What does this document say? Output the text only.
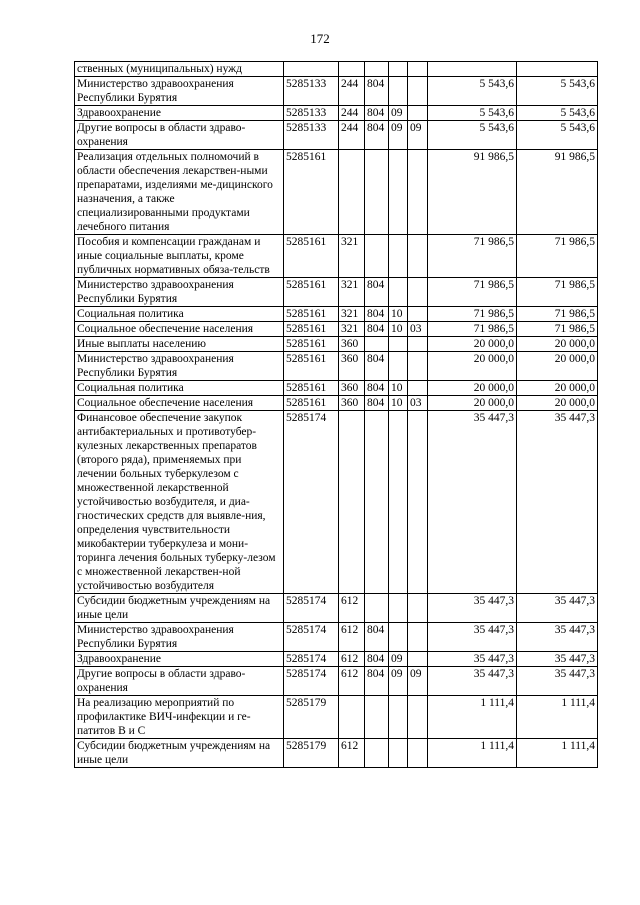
172
ственных (муниципальных) нужд							
Министерство здравоохранения Республики Бурятия	5285133	244	804			5 543,6	5 543,6
Здравоохранение	5285133	244	804	09		5 543,6	5 543,6
Другие вопросы в области здраво-охранения	5285133	244	804	09	09	5 543,6	5 543,6
Реализация отдельных полномочий в области обеспечения лекарствен-ными препаратами, изделиями ме-дицинского назначения, а также специализированными продуктами лечебного питания	5285161					91 986,5	91 986,5
Пособия и компенсации гражданам и иные социальные выплаты, кроме публичных нормативных обяза-тельств	5285161	321				71 986,5	71 986,5
Министерство здравоохранения Республики Бурятия	5285161	321	804			71 986,5	71 986,5
Социальная политика	5285161	321	804	10		71 986,5	71 986,5
Социальное обеспечение населения	5285161	321	804	10	03	71 986,5	71 986,5
Иные выплаты населению	5285161	360				20 000,0	20 000,0
Министерство здравоохранения Республики Бурятия	5285161	360	804			20 000,0	20 000,0
Социальная политика	5285161	360	804	10		20 000,0	20 000,0
Социальное обеспечение населения	5285161	360	804	10	03	20 000,0	20 000,0
Финансовое обеспечение закупок антибактериальных и противотубер-кулезных лекарственных препаратов (второго ряда), применяемых при лечении больных туберкулезом с множественной лекарственной устойчивостью возбудителя, и диа-гностических средств для выявле-ния, определения чувствительности микобактерии туберкулеза и мони-торинга лечения больных туберку-лезом с множественной лекарствен-ной устойчивостью возбудителя	5285174					35 447,3	35 447,3
Субсидии бюджетным учреждениям на иные цели	5285174	612				35 447,3	35 447,3
Министерство здравоохранения Республики Бурятия	5285174	612	804			35 447,3	35 447,3
Здравоохранение	5285174	612	804	09		35 447,3	35 447,3
Другие вопросы в области здраво-охранения	5285174	612	804	09	09	35 447,3	35 447,3
На реализацию мероприятий по профилактике ВИЧ-инфекции и ге-патитов В и С	5285179					1 111,4	1 111,4
Субсидии бюджетным учреждениям на иные цели	5285179	612				1 111,4	1 111,4
